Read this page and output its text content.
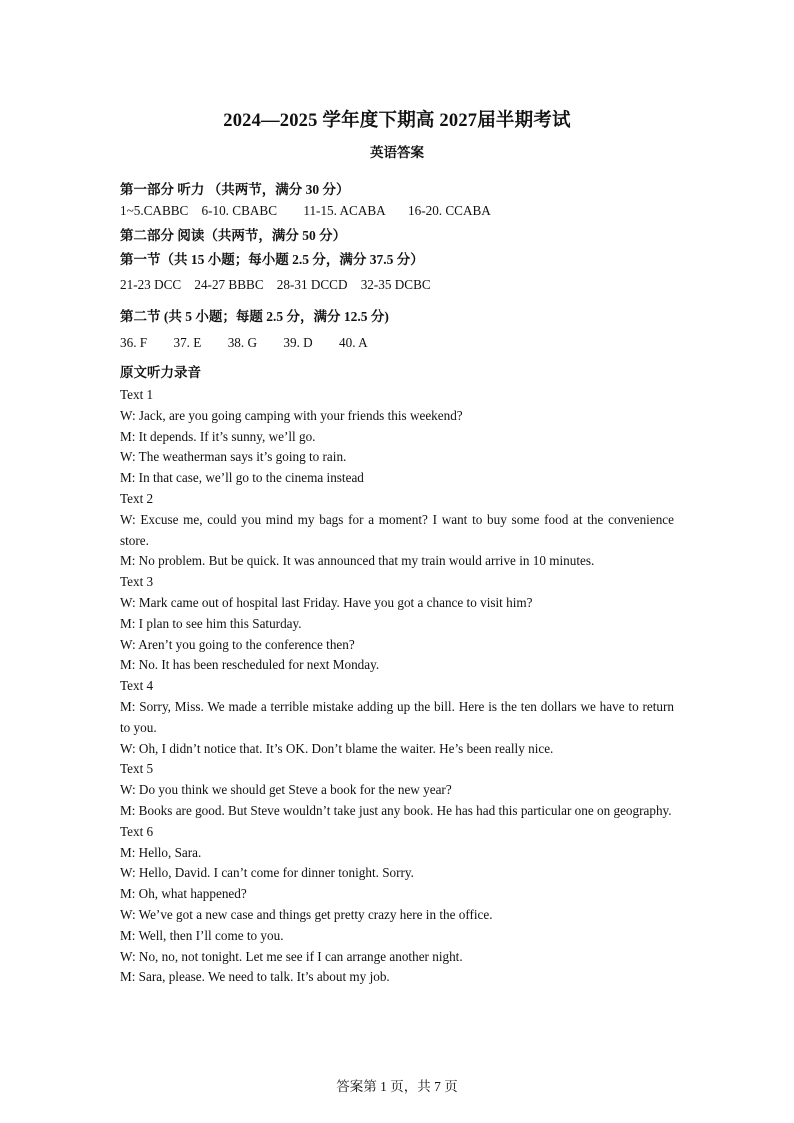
2024—2025 学年度下期高 2027届半期考试
英语答案
第一部分 听力 （共两节，满分 30 分）
1~5.CABBC    6-10. CBABC        11-15. ACABA       16-20. CCABA
第二部分 阅读（共两节，满分 50 分）
第一节（共 15 小题；每小题 2.5 分，满分 37.5 分）
21-23 DCC    24-27 BBBC    28-31 DCCD    32-35 DCBC
第二节 (共 5 小题；每题 2.5 分，满分 12.5 分)
36. F        37. E        38. G        39. D        40. A
原文听力录音

Text 1

W: Jack, are you going camping with your friends this weekend?

M: It depends. If it’s sunny, we’ll go.

W: The weatherman says it’s going to rain.

M: In that case, we’ll go to the cinema instead

Text 2

W: Excuse me, could you mind my bags for a moment? I want to buy some food at the convenience store.

M: No problem. But be quick. It was announced that my train would arrive in 10 minutes.

Text 3

W: Mark came out of hospital last Friday. Have you got a chance to visit him?

M: I plan to see him this Saturday.

W: Aren’t you going to the conference then?

M: No. It has been rescheduled for next Monday.

Text 4

M: Sorry, Miss. We made a terrible mistake adding up the bill. Here is the ten dollars we have to return to you.

W: Oh, I didn’t notice that. It’s OK. Don’t blame the waiter. He’s been really nice.

Text 5

W: Do you think we should get Steve a book for the new year?

M: Books are good. But Steve wouldn’t take just any book. He has had this particular one on geography.

Text 6

M: Hello, Sara.

W: Hello, David. I can’t come for dinner tonight. Sorry.

M: Oh, what happened?

W: We’ve got a new case and things get pretty crazy here in the office.

M: Well, then I’ll come to you.

W: No, no, not tonight. Let me see if I can arrange another night.

M: Sara, please. We need to talk. It’s about my job.

答案第 1 页，共 7 页
